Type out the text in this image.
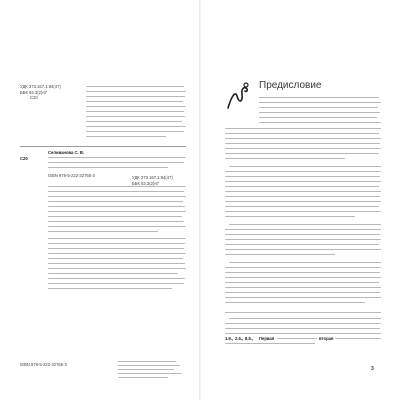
УДК 373.167.1:94(47)
ББК 63.3(2)я7
С20
С20
Селиванова С. В.
ISBN 978-5-222-32765-3	УДК 373.167.1:94(47)
ББК 63.3(2)я7
ISBN 978-5-222-32765-3
Предисловие
1.9., 2.5., 8.5., Первая	вторая
3
